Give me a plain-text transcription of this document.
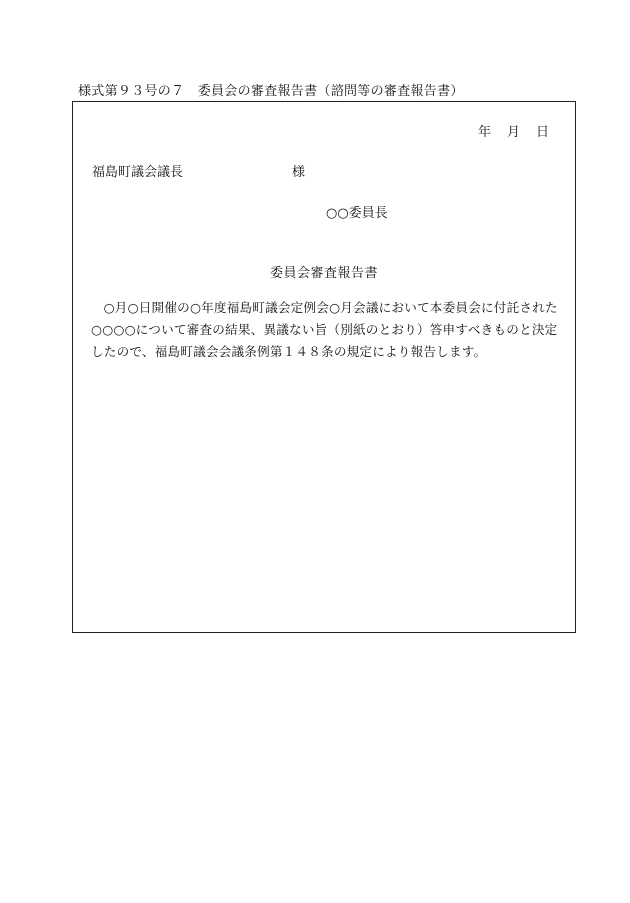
様式第９３号の７　委員会の審査報告書（諮問等の審査報告書）
年 月 日
福島町議会議長	様
○○委員長
委員会審査報告書
○月○日開催の○年度福島町議会定例会○月会議において本委員会に付託された○○○○について審査の結果、異議ない旨（別紙のとおり）答申すべきものと決定したので、福島町議会会議条例第１４８条の規定により報告します。
